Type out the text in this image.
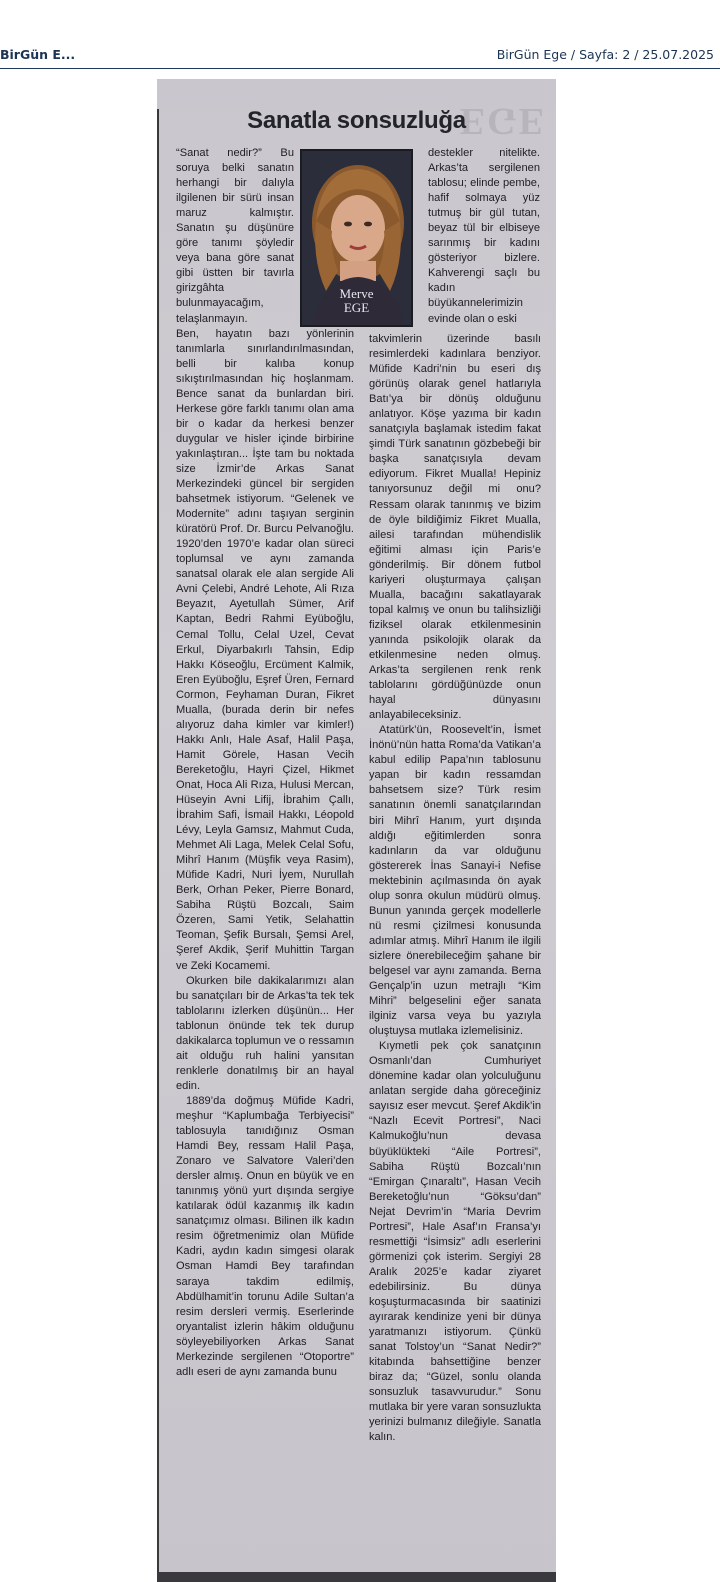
BirGün E...	BirGün Ege / Sayfa: 2 / 25.07.2025
EGE
Sanatla sonsuzluğa

“Sanat nedir?” Bu soruya belki sanatın herhangi bir dalıyla ilgilenen bir sürü insan maruz kalmıştır. Sanatın şu düşünüre göre tanımı şöyledir veya bana göre sanat gibi üstten bir tavırla girizgâhta bulunmayacağım, telaşlanmayın.

Ben, hayatın bazı yönlerinin tanımlarla sınırlandırılmasından, belli bir kalıba konup sıkıştırılmasından hiç hoşlanmam. Bence sanat da bunlardan biri. Herkese göre farklı tanımı olan ama bir o kadar da herkesi benzer duygular ve hisler içinde birbirine yakınlaştıran... İşte tam bu noktada size İzmir’de Arkas Sanat Merkezindeki güncel bir sergiden bahsetmek istiyorum. “Gelenek ve Modernite” adını taşıyan serginin küratörü Prof. Dr. Burcu Pelvanoğlu. 1920’den 1970’e kadar olan süreci toplumsal ve aynı zamanda sanatsal olarak ele alan sergide Ali Avni Çelebi, André Lehote, Ali Rıza Beyazıt, Ayetullah Sümer, Arif Kaptan, Bedri Rahmi Eyüboğlu, Cemal Tollu, Celal Uzel, Cevat Erkul, Diyarbakırlı Tahsin, Edip Hakkı Köseoğlu, Ercüment Kalmik, Eren Eyüboğlu, Eşref Üren, Fernard Cormon, Feyhaman Duran, Fikret Mualla, (burada derin bir nefes alıyoruz daha kimler var kimler!) Hakkı Anlı, Hale Asaf, Halil Paşa, Hamit Görele, Hasan Vecih Bereketoğlu, Hayri Çizel, Hikmet Onat, Hoca Ali Rıza, Hulusi Mercan, Hüseyin Avni Lifij, İbrahim Çallı, İbrahim Safi, İsmail Hakkı, Léopold Lévy, Leyla Gamsız, Mahmut Cuda, Mehmet Ali Laga, Melek Celal Sofu, Mihrî Hanım (Müşfik veya Rasim), Müfide Kadri, Nuri İyem, Nurullah Berk, Orhan Peker, Pierre Bonard, Sabiha Rüştü Bozcalı, Saim Özeren, Sami Yetik, Selahattin Teoman, Şefik Bursalı, Şemsi Arel, Şeref Akdik, Şerif Muhittin Targan ve Zeki Kocamemi.

Okurken bile dakikalarımızı alan bu sanatçıları bir de Arkas’ta tek tek tablolarını izlerken düşünün... Her tablonun önünde tek tek durup dakikalarca toplumun ve o ressamın ait olduğu ruh halini yansıtan renklerle donatılmış bir an hayal edin.

1889’da doğmuş Müfide Kadri, meşhur “Kaplumbağa Terbiyecisi” tablosuyla tanıdığınız Osman Hamdi Bey, ressam Halil Paşa, Zonaro ve Salvatore Valeri’den dersler almış. Onun en büyük ve en tanınmış yönü yurt dışında sergiye katılarak ödül kazanmış ilk kadın sanatçımız olması. Bilinen ilk kadın resim öğretmenimiz olan Müfide Kadri, aydın kadın simgesi olarak Osman Hamdi Bey tarafından saraya takdim edilmiş, Abdülhamit’in torunu Adile Sultan’a resim dersleri vermiş. Eserlerinde oryantalist izlerin hâkim olduğunu söyleyebiliyorken Arkas Sanat Merkezinde sergilenen “Otoportre” adlı eseri de aynı zamanda bunu

Merve
EGE

destekler nitelikte. Arkas’ta sergilenen tablosu; elinde pembe, hafif solmaya yüz tutmuş bir gül tutan, beyaz tül bir elbiseye sarınmış bir kadını gösteriyor bizlere. Kahverengi saçlı bu kadın büyükannelerimizin evinde olan o eski

takvimlerin üzerinde basılı resimlerdeki kadınlara benziyor. Müfide Kadri’nin bu eseri dış görünüş olarak genel hatlarıyla Batı’ya bir dönüş olduğunu anlatıyor. Köşe yazıma bir kadın sanatçıyla başlamak istedim fakat şimdi Türk sanatının gözbebeği bir başka sanatçısıyla devam ediyorum. Fikret Mualla! Hepiniz tanıyorsunuz değil mi onu? Ressam olarak tanınmış ve bizim de öyle bildiğimiz Fikret Mualla, ailesi tarafından mühendislik eğitimi alması için Paris’e gönderilmiş. Bir dönem futbol kariyeri oluşturmaya çalışan Mualla, bacağını sakatlayarak topal kalmış ve onun bu talihsizliği fiziksel olarak etkilenmesinin yanında psikolojik olarak da etkilenmesine neden olmuş. Arkas’ta sergilenen renk renk tablolarını gördüğünüzde onun hayal dünyasını anlayabileceksiniz.

Atatürk’ün, Roosevelt’in, İsmet İnönü’nün hatta Roma’da Vatikan’a kabul edilip Papa’nın tablosunu yapan bir kadın ressamdan bahsetsem size? Türk resim sanatının önemli sanatçılarından biri Mihrî Hanım, yurt dışında aldığı eğitimlerden sonra kadınların da var olduğunu göstererek İnas Sanayi-i Nefise mektebinin açılmasında ön ayak olup sonra okulun müdürü olmuş. Bunun yanında gerçek modellerle nü resmi çizilmesi konusunda adımlar atmış. Mihrî Hanım ile ilgili sizlere önerebileceğim şahane bir belgesel var aynı zamanda. Berna Gençalp’in uzun metrajlı “Kim Mihri” belgeselini eğer sanata ilginiz varsa veya bu yazıyla oluştuysa mutlaka izlemelisiniz.

Kıymetli pek çok sanatçının Osmanlı’dan Cumhuriyet dönemine kadar olan yolculuğunu anlatan sergide daha göreceğiniz sayısız eser mevcut. Şeref Akdik’in “Nazlı Ecevit Portresi”, Naci Kalmukoğlu’nun devasa büyüklükteki “Aile Portresi”, Sabiha Rüştü Bozcalı’nın “Emirgan Çınaraltı”, Hasan Vecih Bereketoğlu’nun “Göksu’dan” Nejat Devrim’in “Maria Devrim Portresi”, Hale Asaf’ın Fransa’yı resmettiği “İsimsiz” adlı eserlerini görmenizi çok isterim. Sergiyi 28 Aralık 2025’e kadar ziyaret edebilirsiniz. Bu dünya koşuşturmacasında bir saatinizi ayırarak kendinize yeni bir dünya yaratmanızı istiyorum. Çünkü sanat Tolstoy’un “Sanat Nedir?” kitabında bahsettiğine benzer biraz da; “Güzel, sonlu olanda sonsuzluk tasavvurudur.” Sonu mutlaka bir yere varan sonsuzlukta yerinizi bulmanız dileğiyle. Sanatla kalın.
